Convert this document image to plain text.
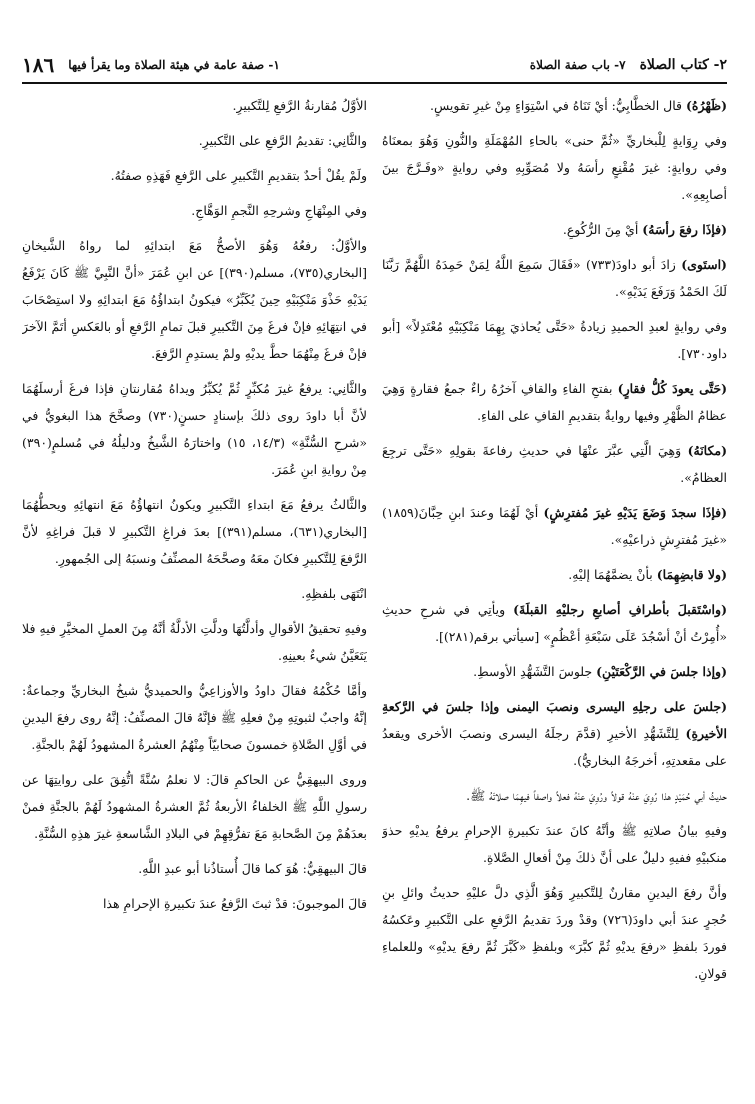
٢- كتاب الصلاة
٧- باب صفة الصلاة
١- صفة عامة في هيئة الصلاة وما يقرأ فيها
١٨٦

(ظَهْرُهُ) قال الخطَّابِيُّ: أيْ تَنَاهُ في اسْتِوَاءٍ مِنْ غيرِ تقويسٍ.

وفي رِوَايةٍ لِلْبخاريِّ «ثُمَّ حنى» بالحاءِ المُهْمَلَةِ والنُّونِ وَهُوَ بمعنَاهُ وفي روايةٍ: غيرَ مُقْنِعٍ رأسَهُ ولا مُصَوِّبِهِ وفي روايةٍ «وفَـرَّجَ بينَ أصابِعِهِ».

(فإذَا رفعَ رأسَهُ) أيْ مِنَ الرُّكُوعِ.

(استَوى) زادَ أبو داودَ(٧٣٣) «فَقَالَ سَمِعَ اللَّهُ لِمَنْ حَمِدَهُ اللَّهُمَّ رَبَّنَا لَكَ الحَمْدُ وَرَفَعَ يَدَيْهِ».

وفي روايةٍ لعبدِ الحميدِ زيادةُ «حَتَّى يُحاذيَ بِهِمَا مَنْكِبَيْهِ مُعْتَدِلاً» [أبو داود٧٣٠].

(حَتَّى يعودَ كُلُّ فقارٍ) بفتحِ الفاءِ والقافِ آخرُهُ راءٌ جمعُ فقارةٍ وَهِيَ عظامُ الظَّهْرِ وفيها روايةٌ بتقديمِ القافِ على الفاءِ.

(مكانَهُ) وَهِيَ الَّتِي عبَّرَ عنْهَا في حديثِ رفاعةَ بقولِهِ «حَتَّى ترجِعَ العظامُ».

(فإذَا سجدَ وَضَعَ يَدَيْهِ غيرَ مُفترِشٍ) أيْ لَهُمَا وعندَ ابنِ حِبَّانَ(١٨٥٩) «غيرَ مُفترِشٍ ذراعيْهِ».

(ولا قابضِهِمَا) بأنْ يضمَّهُمَا إليْهِ.

(واسْتَقبلَ بأطرافِ أصابعِ رجليْهِ القبلَةَ) ويأتِي في شرحِ حديثِ «أُمِرْتُ أنْ أسْجُدَ عَلَى سَبْعَةِ أعْظُمٍ» [سيأتي برقم(٢٨١)].

(وإذا جلسَ في الرَّكْعَتَيْنِ) جلوسَ التَّشَهُّدِ الأوسطِ.

(جلسَ على رجلِهِ اليسرى ونصبَ اليمنى وإذا جلسَ في الرَّكعةِ الأخيرةِ) لِلتَّشَهُّدِ الأخيرِ (قدَّمَ رجلَهُ اليسرى ونصبَ الأخرى ويقعدُ على مقعدتِهِ، أخرجَهُ البخاريُّ).

حديثُ أبي حُمَيْدٍ هذا رُوِيَ عنْهُ قولاً ورُوِيَ عنْهُ فعلاً واصفاً فيهِمَا صلاتَهُ ﷺ.

وفيهِ بيانُ صلاتِهِ ﷺ وأنَّهُ كانَ عندَ تكبيرةِ الإحرامِ يرفعُ يديْهِ حذوَ منكبيْهِ ففيهِ دليلٌ على أنَّ ذلكَ مِنْ أفعالِ الصَّلاةِ.

وأنَّ رفعَ اليدينِ مقارنٌ لِلتَّكبيرِ وَهُوَ الَّذِي دلَّ عليْهِ حديثُ وائلِ بنِ حُجرٍ عندَ أبي داودَ(٧٢٦) وقدْ وردَ تقديمُ الرَّفعِ على التَّكبيرِ وعَكسُهُ فوردَ بلفظِ «رفعَ يديْهِ ثُمَّ كبَّرَ» وبلفظِ «كَبَّرَ ثُمَّ رفعَ يديْهِ» وللعلماءِ قولانِ.

الأوَّلُ مُقارنةُ الرَّفعِ لِلتَّكبيرِ.

والثَّانِي: تقديمُ الرَّفعِ على التَّكبيرِ.

ولَمْ يقُلْ أحدٌ بتقديمِ التَّكبيرِ على الرَّفعِ فَهَذِهِ صفتُهُ.

وفي المِنْهَاجِ وشرحِهِ النَّجمِ الوَهَّاجِ.

والأوَّلُ: رفعُهُ وَهُوَ الأصحُّ مَعَ ابتدائِهِ لما رواهُ الشَّيخانِ [البخاري(٧٣٥)، مسلم(٣٩٠)] عن ابنِ عُمَرَ «أنَّ النَّبِيَّ ﷺ كَانَ يَرْفَعُ يَدَيْهِ حَذْوَ مَنْكِبَيْهِ حِينَ يُكَبِّرُ» فيكونُ ابتداؤُهُ مَعَ ابتدائِهِ ولا استِصْحَابَ في انتِهَائِهِ فإنْ فرغَ مِنَ التَّكبيرِ قبلَ تمامِ الرَّفعِ أو بالعَكسِ أتَمَّ الآخرَ فإنْ فرغَ مِنْهُمَا حطَّ يديْهِ ولمْ يستدِمِ الرَّفعَ.

والثَّانِي: يرفعُ غيرَ مُكبِّرٍ ثُمَّ يُكبِّرُ ويداهُ مُقارنتانِ فإذا فرغَ أرسلَهُمَا لأنَّ أبا داودَ روى ذلكَ بإسنادٍ حسنٍ(٧٣٠) وصحَّحَ هذا البغويُّ في «شرحِ السُّنَّةِ» (١٤/٣، ١٥) واختارَهُ الشَّيخُ ودليلُهُ في مُسلمٍ(٣٩٠) مِنْ روايةِ ابنِ عُمَرَ.

والثَّالثُ يرفعُ مَعَ ابتداءِ التَّكبيرِ ويكونُ انتهاؤُهُ مَعَ انتهائِهِ ويحطُّهُمَا [البخاري(٦٣١)، مسلم(٣٩١)] بعدَ فراغِ التَّكبيرِ لا قبلَ فراغِهِ لأنَّ الرَّفعَ لِلتَّكبيرِ فكانَ معَهُ وصحَّحَهُ المصنِّفُ ونسبَهُ إلى الجُمهورِ.

انْتَهَى بلفظِهِ.

وفيهِ تحقيقُ الأقوالِ وأدلَّتُهَا ودلَّتِ الأدلَّةُ أنَّهُ مِنَ العملِ المخيَّرِ فيهِ فلا يَتَعَيَّنُ شيءٌ بعينِهِ.

وأمَّا حُكْمُهُ فقالَ داودُ والأوزاعِيُّ والحميديُّ شيخُ البخاريِّ وجماعةٌ: إنَّهُ واجبٌ لثبوتِهِ مِنْ فعلِهِ ﷺ فإنَّهُ قالَ المصنِّفُ: إنَّهُ روى رفعَ اليدينِ في أوَّلِ الصَّلاةِ خمسونَ صحابيّاً مِنْهُمُ العشرةُ المشهودُ لَهُمْ بالجنَّةِ.

وروى البيهقِيُّ عن الحاكمِ قالَ: لا نعلمُ سُنَّةً اتُّفِقَ على روايتِهَا عن رسولِ اللَّهِ ﷺ الخلفاءُ الأربعةُ ثُمَّ العشرةُ المشهودُ لَهُمْ بالجنَّةِ فمنْ بعدَهُمْ مِنَ الصَّحابةِ مَعَ تفرُّقِهِمْ في البلادِ الشَّاسعةِ غيرَ هذِهِ السُّنَّةِ.

قالَ البيهقِيُّ: هُوَ كما قالَ أُستاذُنا أبو عبدِ اللَّهِ.

قالَ الموجبونَ: قدْ ثبتَ الرَّفعُ عندَ تكبيرةِ الإحرامِ هذا
